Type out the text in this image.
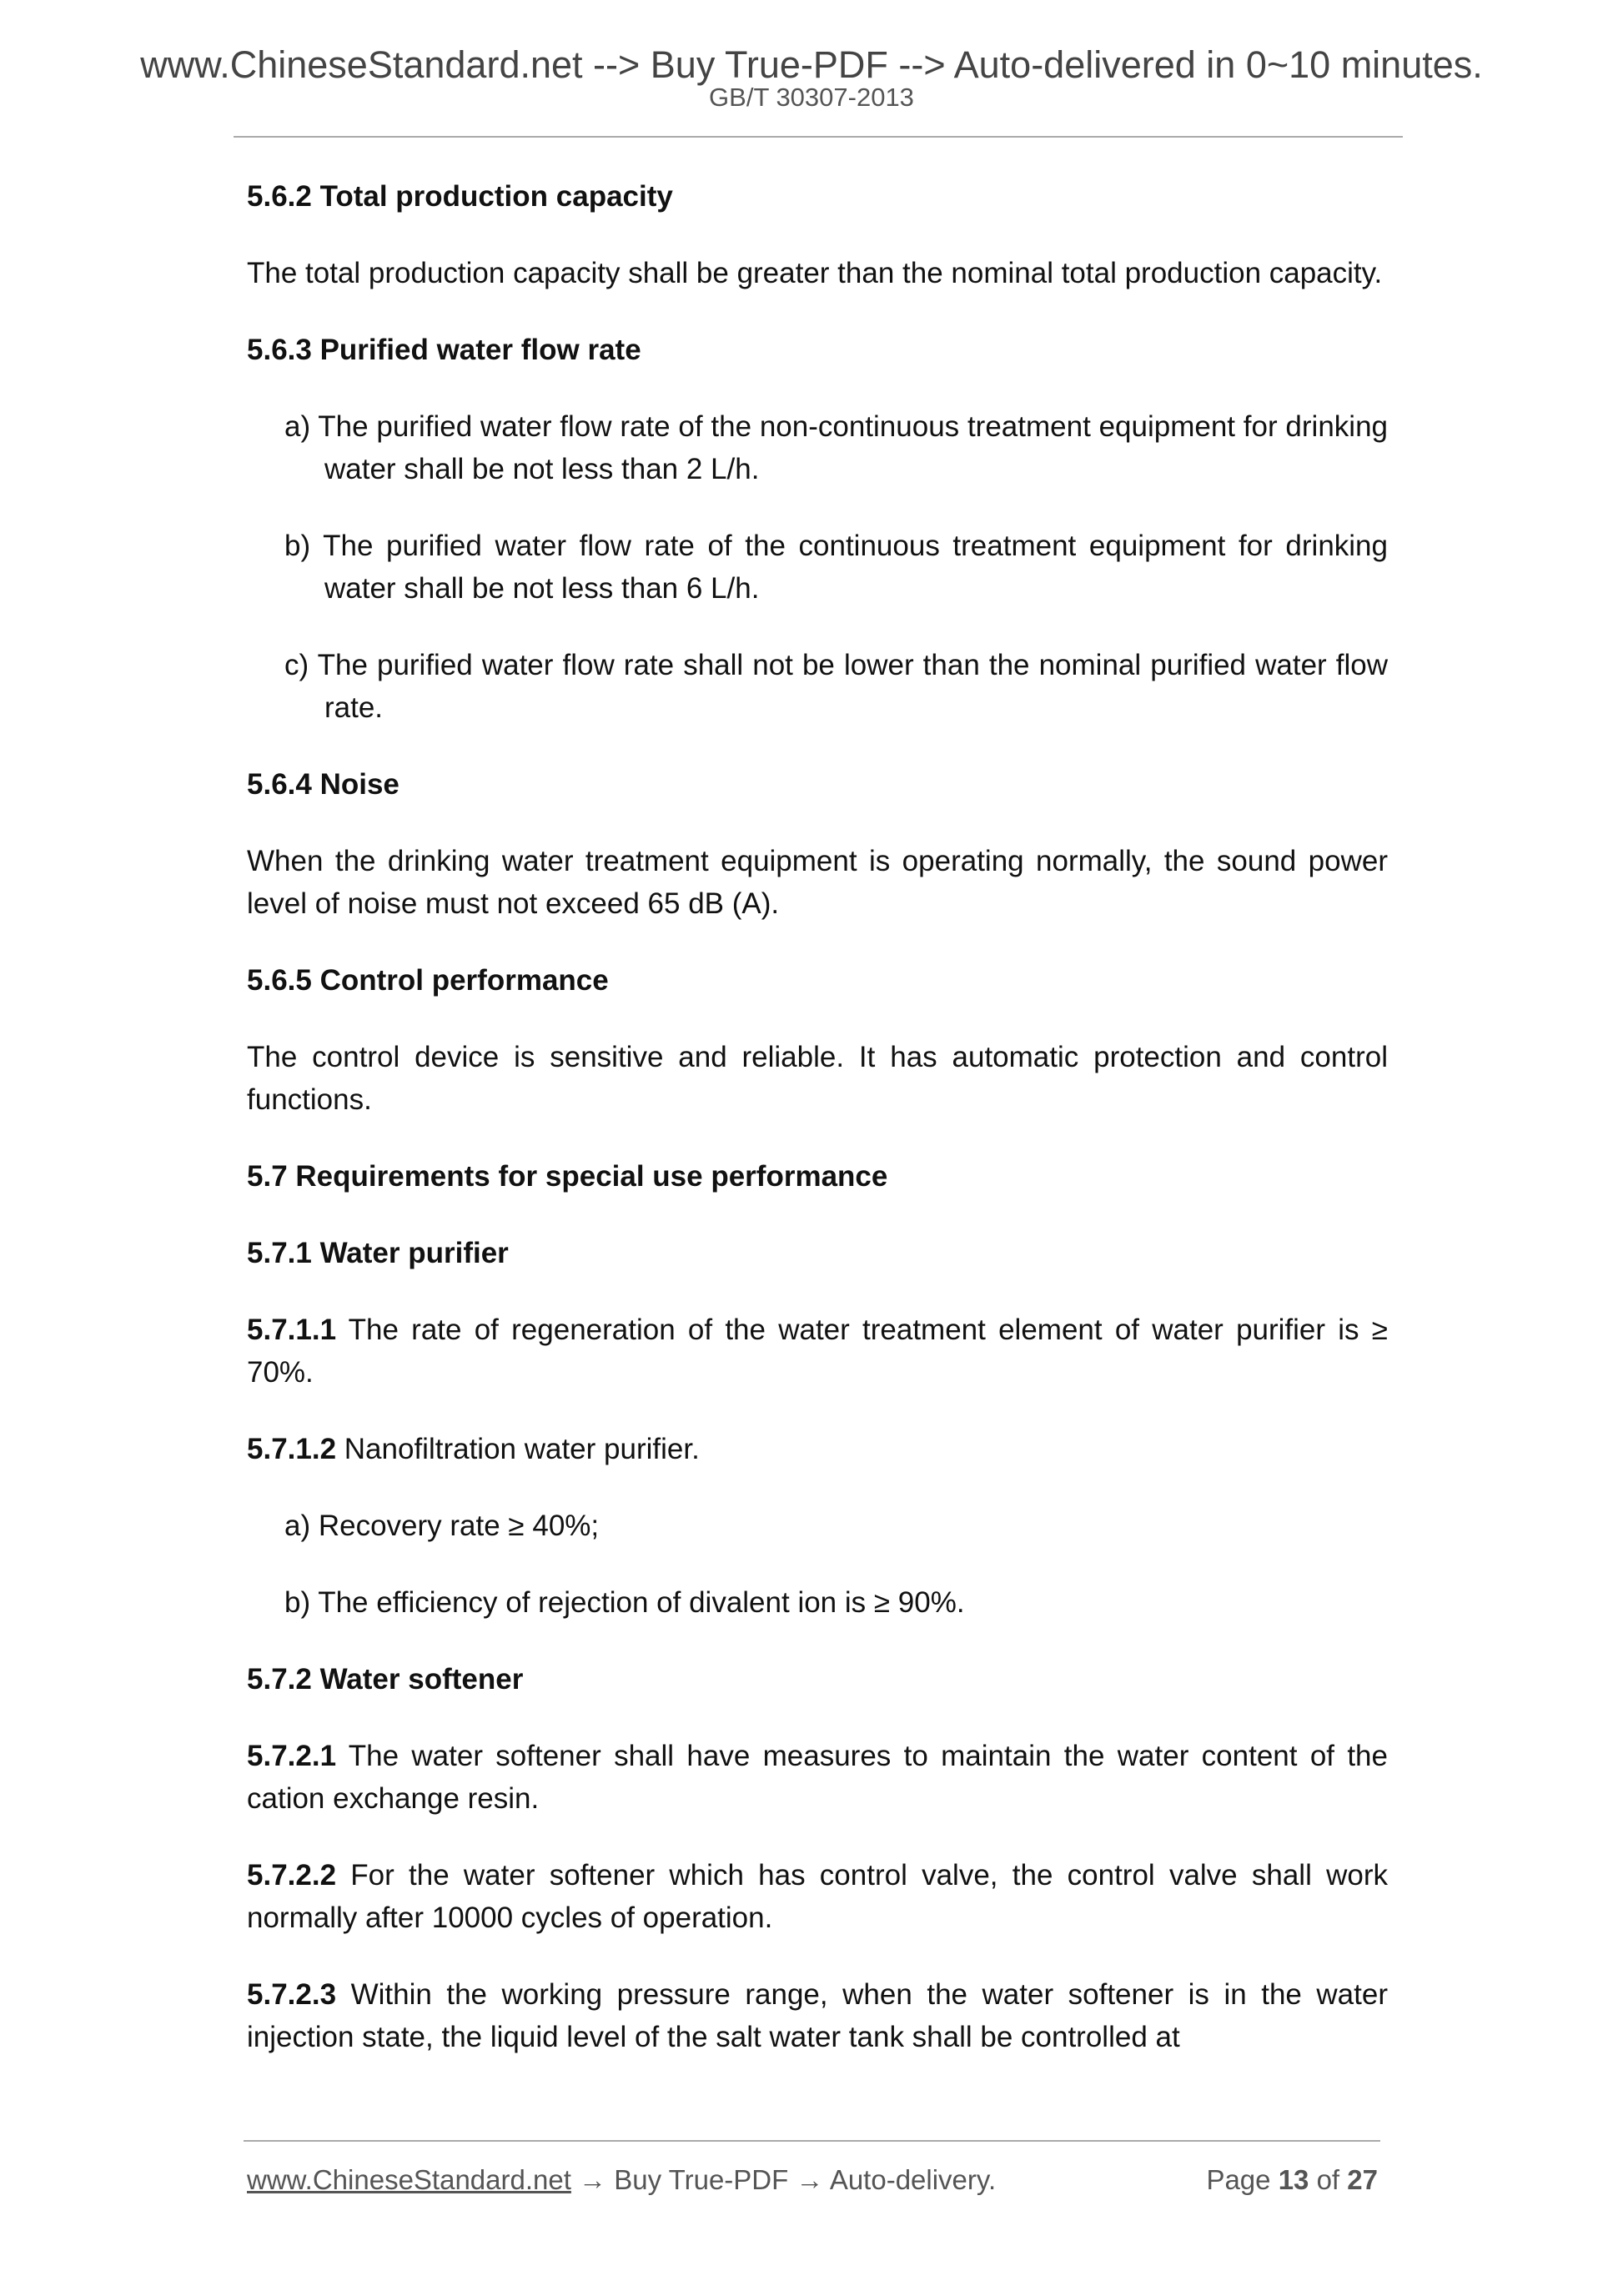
www.ChineseStandard.net --> Buy True-PDF --> Auto-delivered in 0~10 minutes.
GB/T 30307-2013
5.6.2 Total production capacity

The total production capacity shall be greater than the nominal total production capacity.

5.6.3 Purified water flow rate

a) The purified water flow rate of the non-continuous treatment equipment for drinking water shall be not less than 2 L/h.

b) The purified water flow rate of the continuous treatment equipment for drinking water shall be not less than 6 L/h.

c) The purified water flow rate shall not be lower than the nominal purified water flow rate.

5.6.4 Noise

When the drinking water treatment equipment is operating normally, the sound power level of noise must not exceed 65 dB (A).

5.6.5 Control performance

The control device is sensitive and reliable. It has automatic protection and control functions.

5.7 Requirements for special use performance
5.7.1 Water purifier

5.7.1.1 The rate of regeneration of the water treatment element of water purifier is ≥ 70%.

5.7.1.2 Nanofiltration water purifier.

a) Recovery rate ≥ 40%;

b) The efficiency of rejection of divalent ion is ≥ 90%.

5.7.2 Water softener

5.7.2.1 The water softener shall have measures to maintain the water content of the cation exchange resin.

5.7.2.2 For the water softener which has control valve, the control valve shall work normally after 10000 cycles of operation.

5.7.2.3 Within the working pressure range, when the water softener is in the water injection state, the liquid level of the salt water tank shall be controlled at

www.ChineseStandard.net → Buy True-PDF → Auto-delivery.	Page 13 of 27
